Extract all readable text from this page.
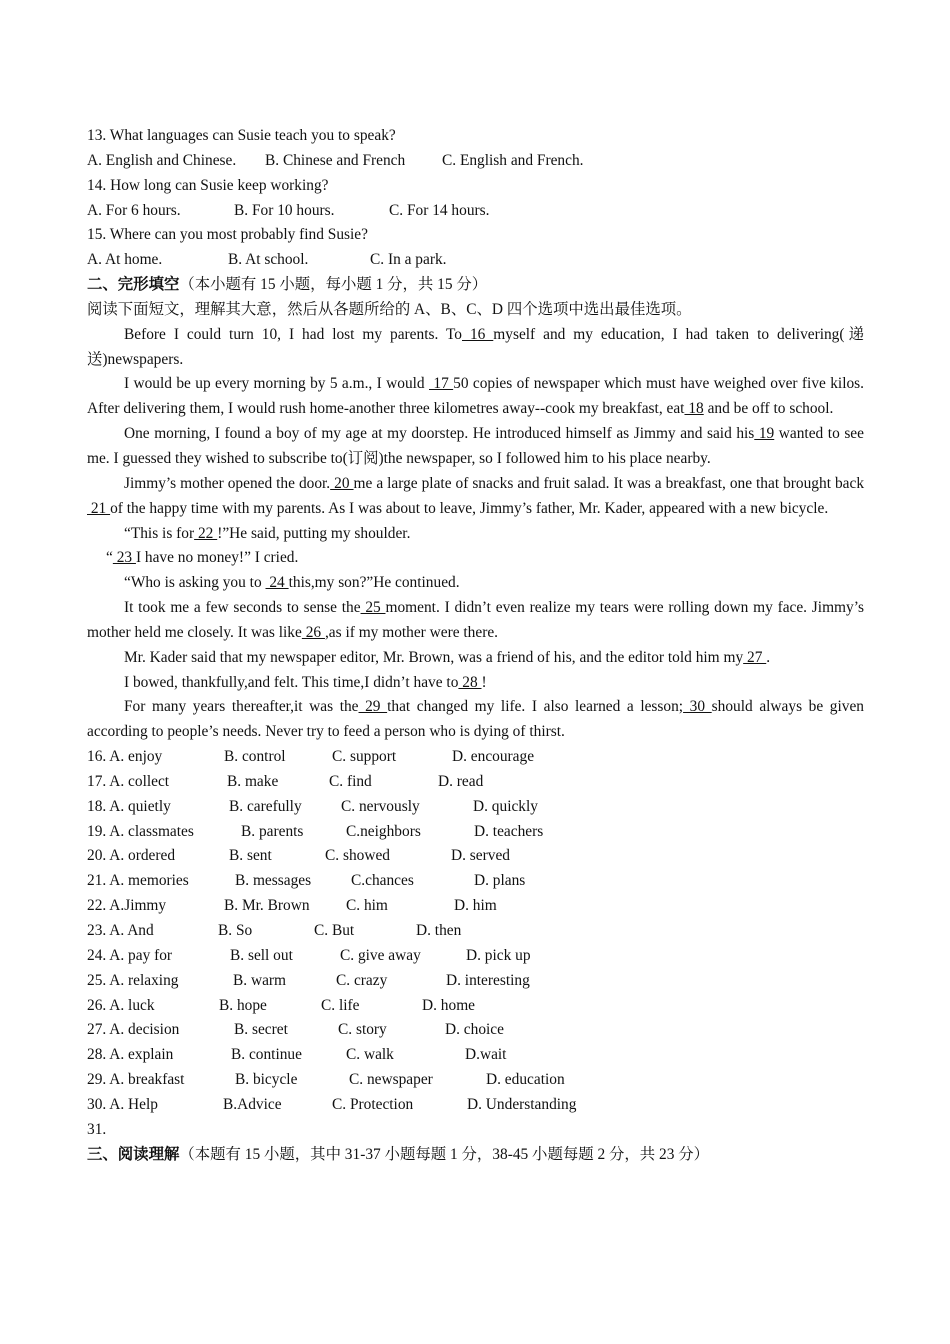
13. What languages can Susie teach you to speak?
A. English and Chinese. B. Chinese and French C. English and French.
14. How long can Susie keep working?
A. For 6 hours.	B. For 10 hours.	C. For 14 hours.
15. Where can you most probably find Susie?
A. At home.	B. At school.	C. In a park.
二、完形填空（本小题有 15 小题，每小题 1 分，共 15 分）
阅读下面短文，理解其大意，然后从各题所给的 A、B、C、D 四个选项中选出最佳选项。
Before I could turn 10, I had lost my parents. To 16 myself and my education, I had taken to delivering(递送)newspapers.
I would be up every morning by 5 a.m., I would  17 50 copies of newspaper which must have weighed over five kilos. After delivering them, I would rush home-another three kilometres away--cook my breakfast, eat 18 and be off to school.
One morning, I found a boy of my age at my doorstep. He introduced himself as Jimmy and said his 19 wanted to see me. I guessed they wished to subscribe to(订阅)the newspaper, so I followed him to his place nearby.
Jimmy’s mother opened the door. 20 me a large plate of snacks and fruit salad. It was a breakfast, one that brought back 21 of the happy time with my parents. As I was about to leave, Jimmy’s father, Mr. Kader, appeared with a new bicycle.
“This is for 22 !”He said, putting my shoulder.
“ 23 I have no money!” I cried.
“Who is asking you to  24 this,my son?”He continued.
It took me a few seconds to sense the 25 moment. I didn’t even realize my tears were rolling down my face. Jimmy’s mother held me closely. It was like 26 ,as if my mother were there.
Mr. Kader said that my newspaper editor, Mr. Brown, was a friend of his, and the editor told him my 27 .
I bowed, thankfully,and felt. This time,I didn’t have to 28 !
For many years thereafter,it was the 29 that changed my life. I also learned a lesson; 30 should always be given according to people’s needs. Never try to feed a person who is dying of thirst.
16. A. enjoy	B. control	C. support	D. encourage
17. A. collect	B. make	C. find	D. read
18. A. quietly	B. carefully	C. nervously	D. quickly
19. A. classmates	B. parents	C.neighbors	D. teachers
20. A. ordered	B. sent	C. showed	D. served
21. A. memories	B. messages	C.chances	D. plans
22. A.Jimmy	B. Mr. Brown C. him	D. him
23. A. And	B. So	C. But	D. then
24. A. pay for	B. sell out	C. give away	D. pick up
25. A. relaxing	B. warm	C. crazy	D. interesting
26. A. luck	B. hope	C. life	D. home
27. A. decision	B. secret	C. story	D. choice
28. A. explain	B. continue	C. walk	D.wait
29. A. breakfast	B. bicycle	C. newspaper	D. education
30. A. Help	B.Advice	C. Protection	D. Understanding
31.
三、阅读理解（本题有 15 小题，其中 31-37 小题每题 1 分，38-45 小题每题 2 分，共 23 分）
